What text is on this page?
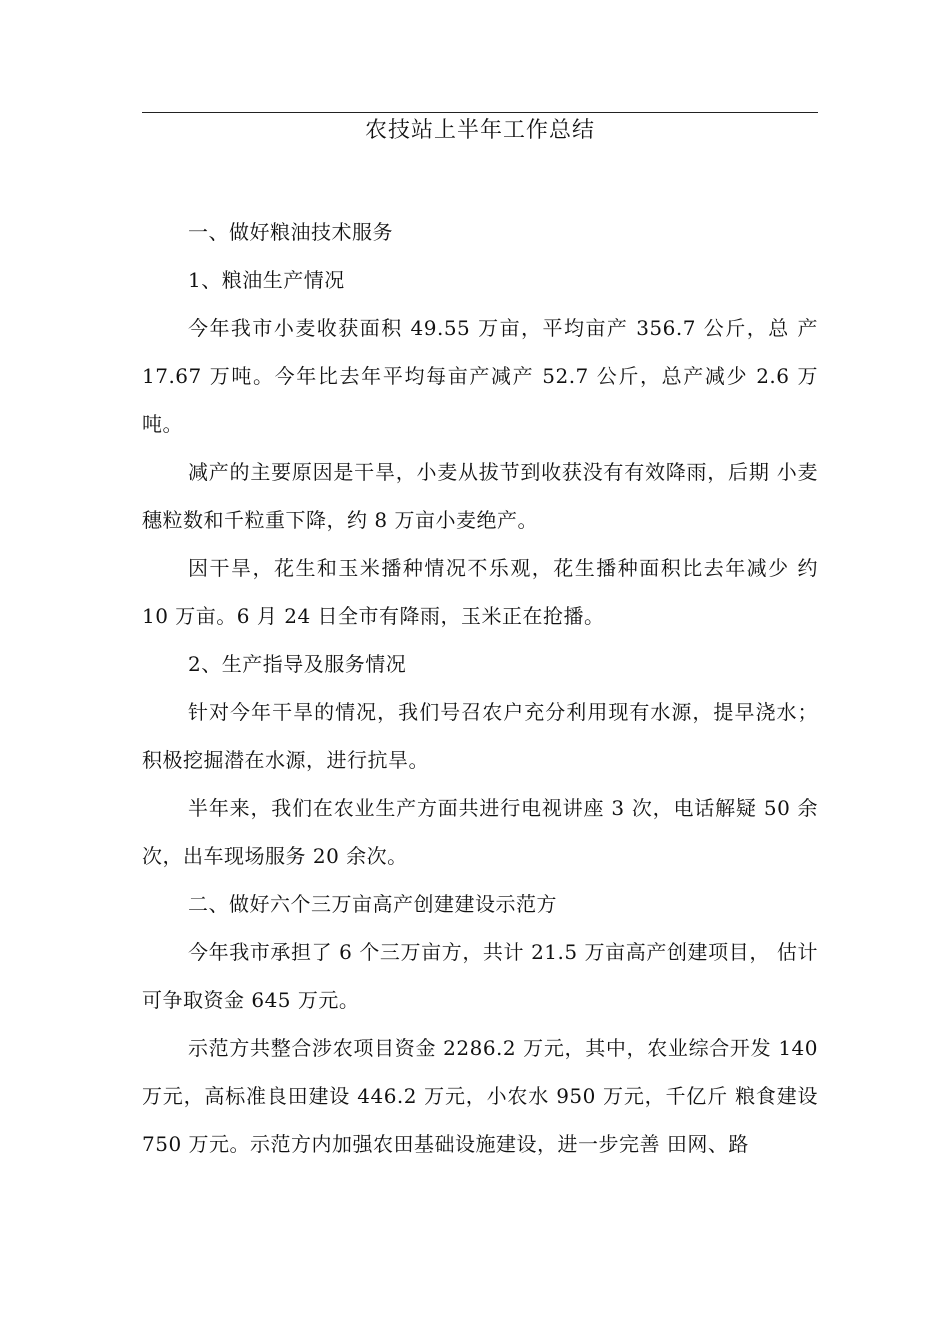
农技站上半年工作总结

一、做好粮油技术服务

1、粮油生产情况

今年我市小麦收获面积 49.55 万亩，平均亩产 356.7 公斤，总 产 17.67 万吨。今年比去年平均每亩产减产 52.7 公斤，总产减少 2.6 万吨。

减产的主要原因是干旱，小麦从拔节到收获没有有效降雨，后期 小麦穗粒数和千粒重下降，约 8 万亩小麦绝产。

因干旱，花生和玉米播种情况不乐观，花生播种面积比去年减少 约 10 万亩。6 月 24 日全市有降雨，玉米正在抢播。

2、生产指导及服务情况

针对今年干旱的情况，我们号召农户充分利用现有水源，提早浇水；积极挖掘潜在水源，进行抗旱。

半年来，我们在农业生产方面共进行电视讲座 3 次，电话解疑 50 余次，出车现场服务 20 余次。

二、做好六个三万亩高产创建建设示范方

今年我市承担了 6 个三万亩方，共计 21.5 万亩高产创建项目， 估计可争取资金 645 万元。

示范方共整合涉农项目资金 2286.2 万元，其中，农业综合开发 140 万元，高标准良田建设 446.2 万元，小农水 950 万元，千亿斤 粮食建设 750 万元。示范方内加强农田基础设施建设，进一步完善 田网、路
